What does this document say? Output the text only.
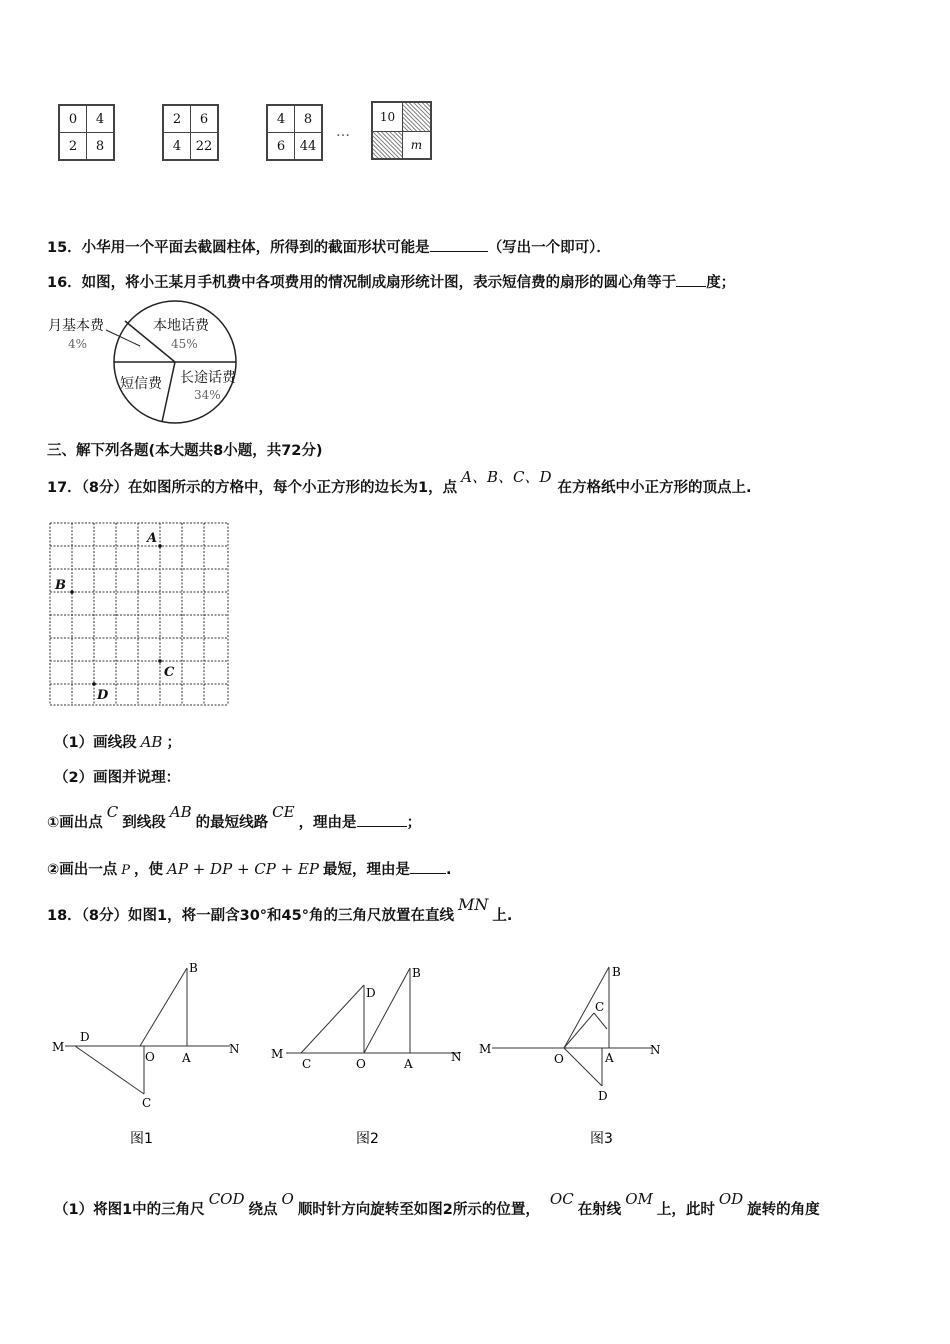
0	4
2	8
2	6
4	22
4	8
6	44
…
10
m
15．小华用一个平面去截圆柱体，所得到的截面形状可能是	（写出一个即可）．
16．如图，将小王某月手机费中各项费用的情况制成扇形统计图，表示短信费的扇形的圆心角等于 度；
月基本费
4%
本地话费
45%
短信费 长途话费
34%
三、解下列各题(本大题共8小题，共72分)
17．（8分）在如图所示的方格中，每个小正方形的边长为1，点A、B、C、D在方格纸中小正方形的顶点上.
A
B
C
D
（1）画线段 AB ；
（2）画图并说理：
①画出点C到线段AB的最短线路CE，理由是	；
②画出一点 P ，使 AP + DP + CP + EP 最短，理由是 .
18．（8分）如图1，将一副含30°和45°角的三角尺放置在直线MN上.
M	N
D
O A
B
C
图1
M	N
C
D
O	A
B
图2
M	N
B
C
O	A
D
图3
（1）将图1中的三角尺COD绕点O顺时针方向旋转至如图2所示的位置，OC在射线OM上，此时OD旋转的角度
